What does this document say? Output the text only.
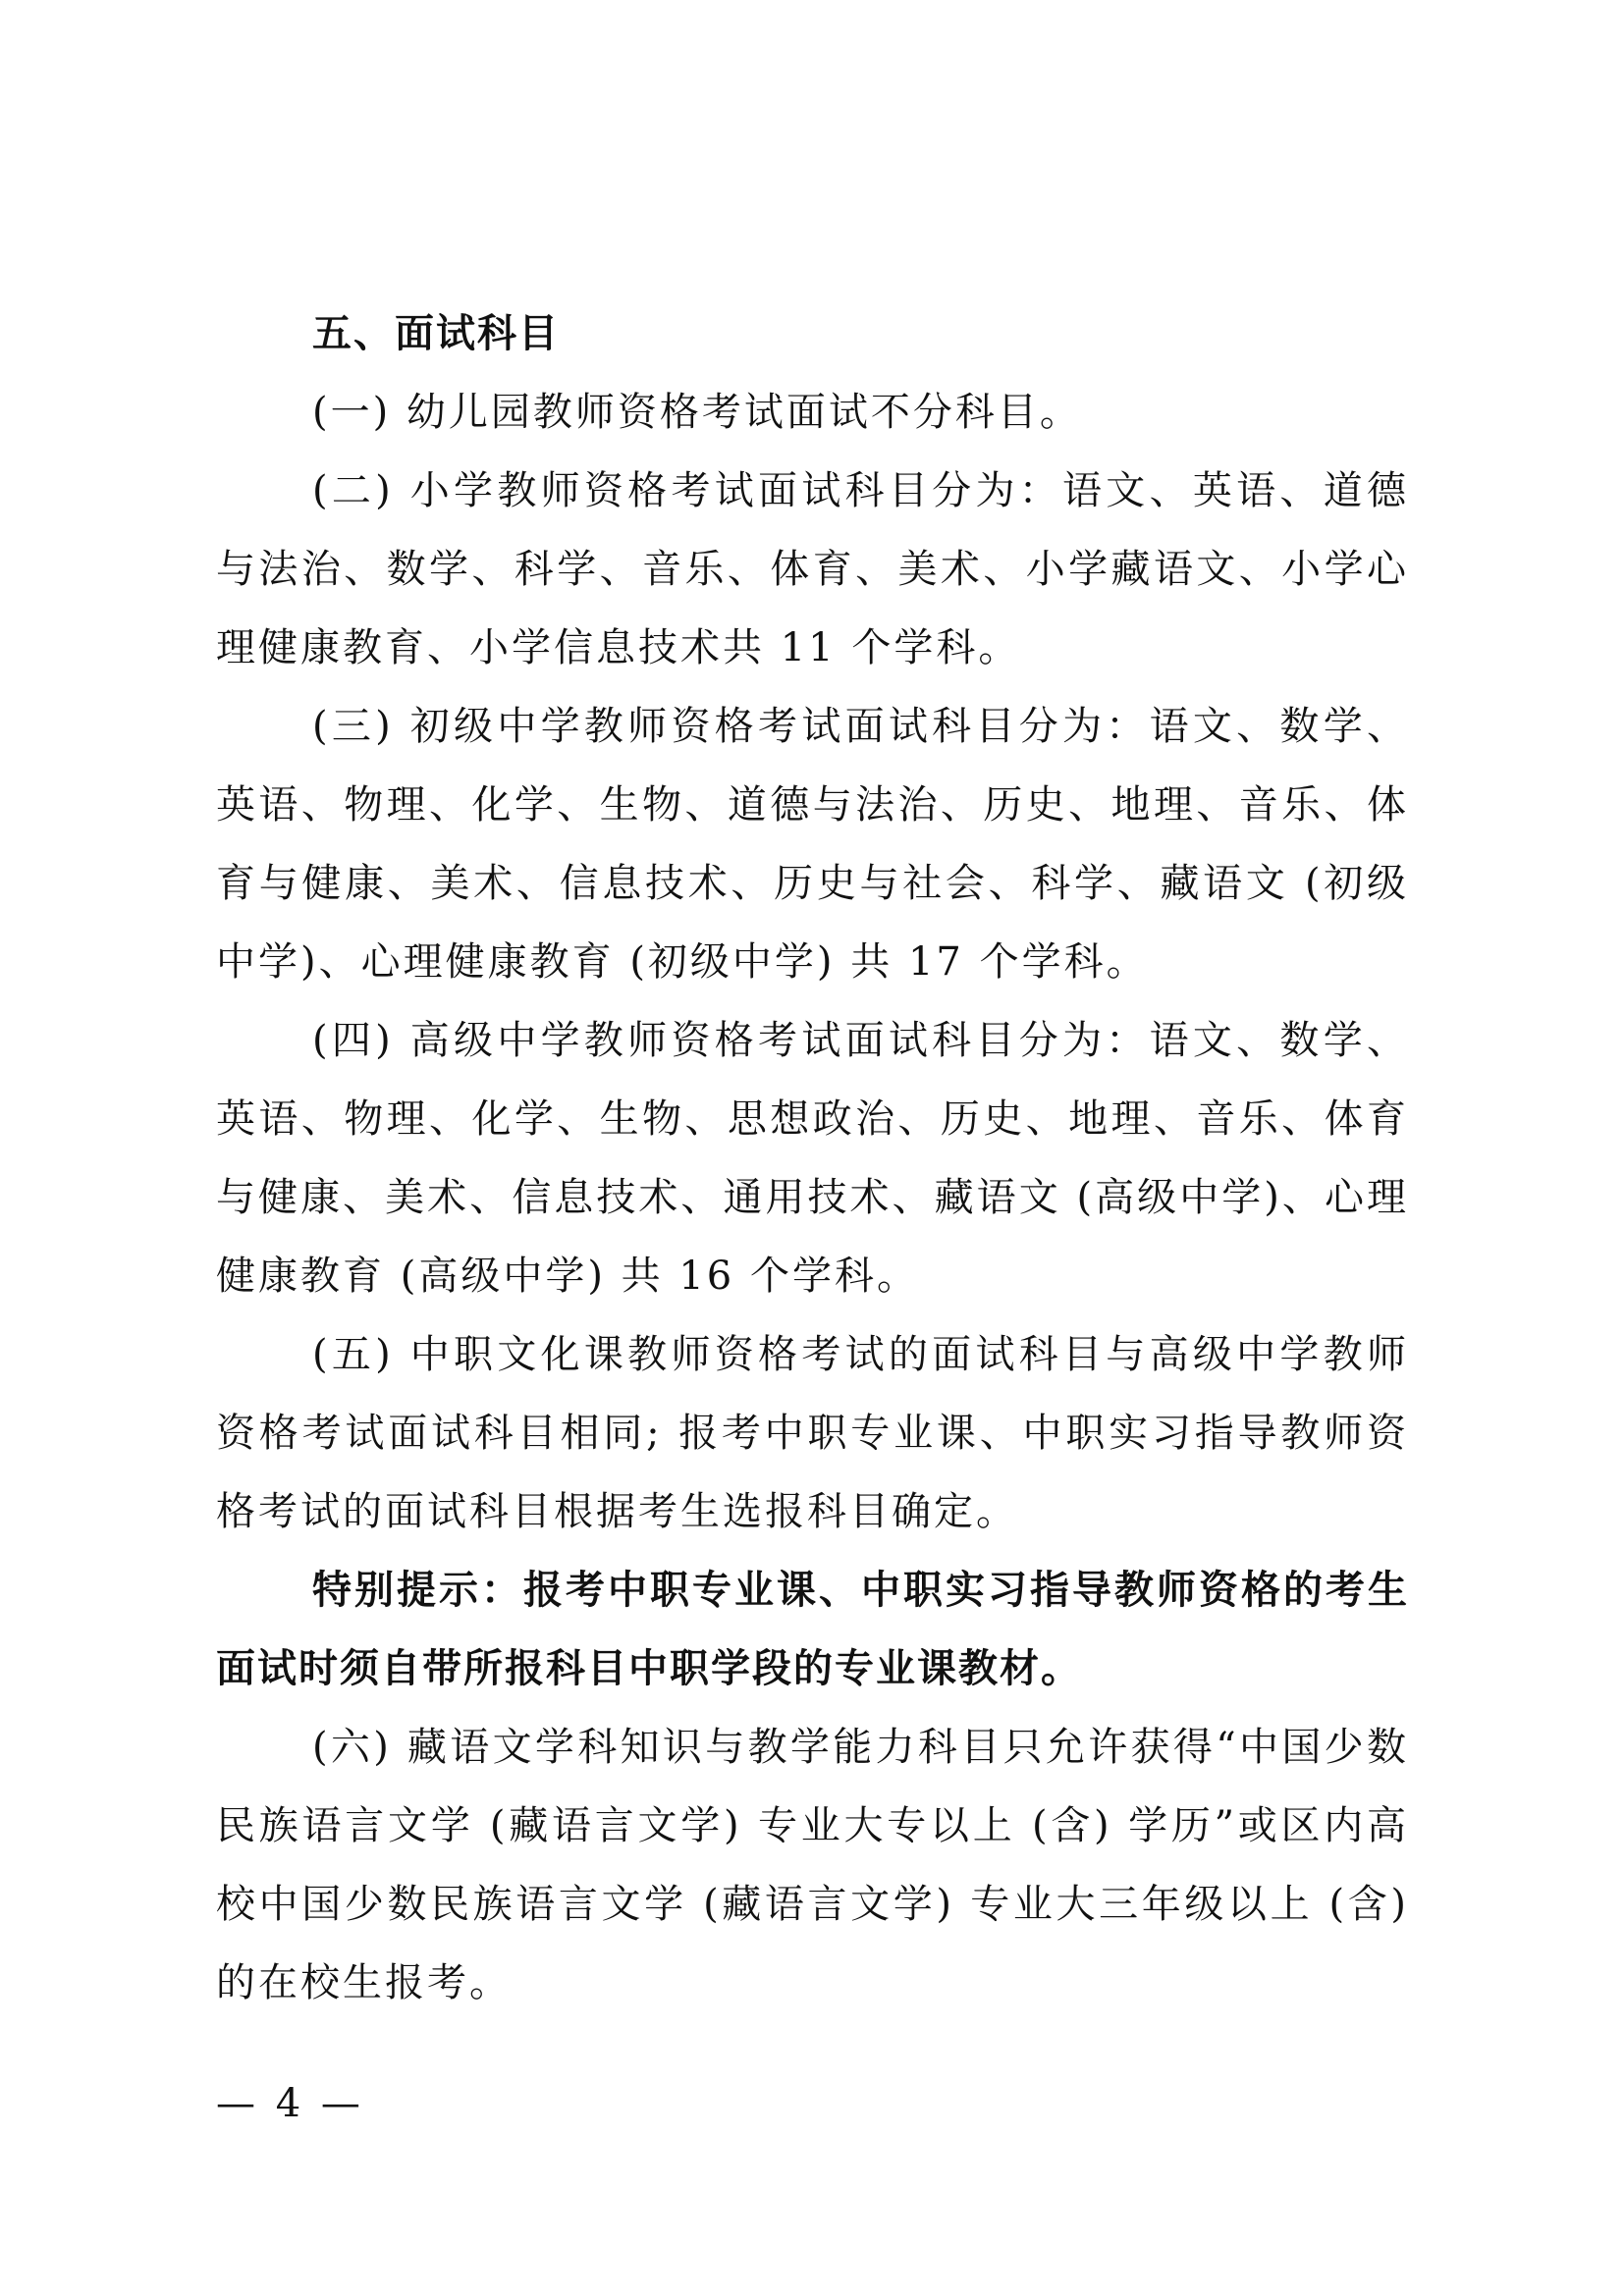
五、面试科目

(一) 幼儿园教师资格考试面试不分科目。

(二) 小学教师资格考试面试科目分为：语文、英语、道德与法治、数学、科学、音乐、体育、美术、小学藏语文、小学心理健康教育、小学信息技术共 11 个学科。

(三) 初级中学教师资格考试面试科目分为：语文、数学、英语、物理、化学、生物、道德与法治、历史、地理、音乐、体育与健康、美术、信息技术、历史与社会、科学、藏语文 (初级中学)、心理健康教育 (初级中学) 共 17 个学科。

(四) 高级中学教师资格考试面试科目分为：语文、数学、英语、物理、化学、生物、思想政治、历史、地理、音乐、体育与健康、美术、信息技术、通用技术、藏语文 (高级中学)、心理健康教育 (高级中学) 共 16 个学科。

(五) 中职文化课教师资格考试的面试科目与高级中学教师资格考试面试科目相同; 报考中职专业课、中职实习指导教师资格考试的面试科目根据考生选报科目确定。

特别提示：报考中职专业课、中职实习指导教师资格的考生面试时须自带所报科目中职学段的专业课教材。

(六) 藏语文学科知识与教学能力科目只允许获得“中国少数民族语言文学 (藏语言文学) 专业大专以上 (含) 学历”或区内高校中国少数民族语言文学 (藏语言文学) 专业大三年级以上 (含) 的在校生报考。

— 4 —
